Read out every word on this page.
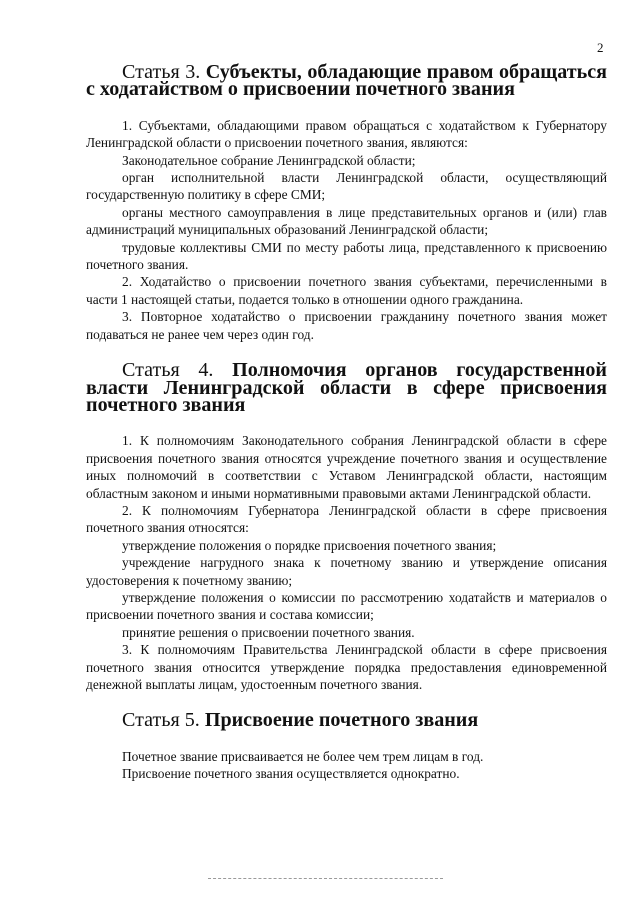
2
Статья 3. Субъекты, обладающие правом обращаться с ходатайством о присвоении почетного звания

1. Субъектами, обладающими правом обращаться с ходатайством к Губернатору Ленинградской области о присвоении почетного звания, являются:

Законодательное собрание Ленинградской области;

орган исполнительной власти Ленинградской области, осуществляющий государственную политику в сфере СМИ;

органы местного самоуправления в лице представительных органов и (или) глав администраций муниципальных образований Ленинградской области;

трудовые коллективы СМИ по месту работы лица, представленного к присвоению почетного звания.

2. Ходатайство о присвоении почетного звания субъектами, перечисленными в части 1 настоящей статьи, подается только в отношении одного гражданина.

3. Повторное ходатайство о присвоении гражданину почетного звания может подаваться не ранее чем через один год.

Статья 4. Полномочия органов государственной власти Ленинградской области в сфере присвоения почетного звания

1. К полномочиям Законодательного собрания Ленинградской области в сфере присвоения почетного звания относятся учреждение почетного звания и осуществление иных полномочий в соответствии с Уставом Ленинградской области, настоящим областным законом и иными нормативными правовыми актами Ленинградской области.

2. К полномочиям Губернатора Ленинградской области в сфере присвоения почетного звания относятся:

утверждение положения о порядке присвоения почетного звания;

учреждение нагрудного знака к почетному званию и утверждение описания удостоверения к почетному званию;

утверждение положения о комиссии по рассмотрению ходатайств и материалов о присвоении почетного звания и состава комиссии;

принятие решения о присвоении почетного звания.

3. К полномочиям Правительства Ленинградской области в сфере присвоения почетного звания относится утверждение порядка предоставления единовременной денежной выплаты лицам, удостоенным почетного звания.

Статья 5. Присвоение почетного звания

Почетное звание присваивается не более чем трем лицам в год.

Присвоение почетного звания осуществляется однократно.
